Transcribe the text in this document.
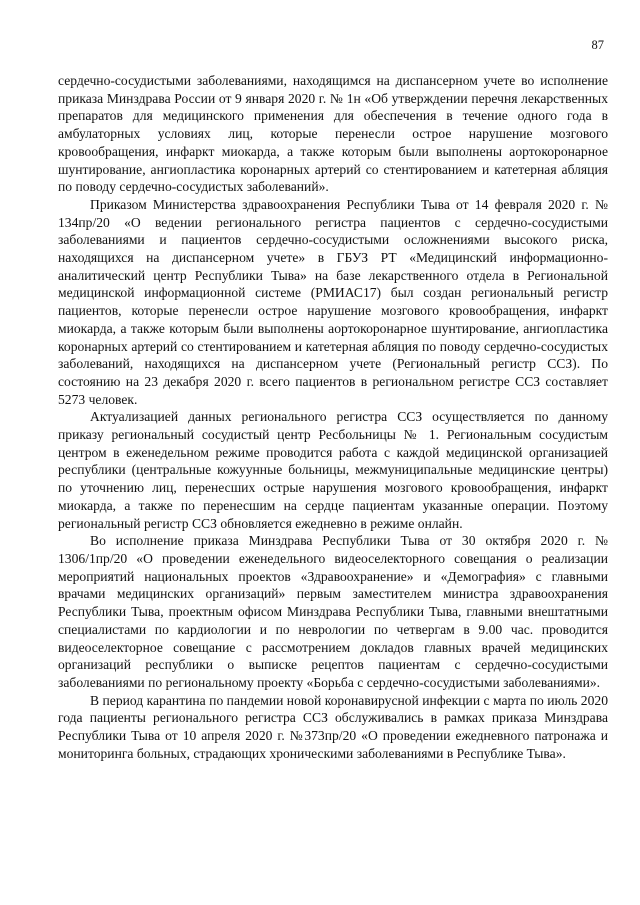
87

сердечно-сосудистыми заболеваниями, находящимся на диспансерном учете во исполнение приказа Минздрава России от 9 января 2020 г. № 1н «Об утверждении перечня лекарственных препаратов для медицинского применения для обеспечения в течение одного года в амбулаторных условиях лиц, которые перенесли острое нарушение мозгового кровообращения, инфаркт миокарда, а также которым были выполнены аортокоронарное шунтирование, ангиопластика коронарных артерий со стентированием и катетерная абляция по поводу сердечно-сосудистых заболеваний».

Приказом Министерства здравоохранения Республики Тыва от 14 февраля 2020 г. № 134пр/20 «О ведении регионального регистра пациентов с сердечно-сосудистыми заболеваниями и пациентов сердечно-сосудистыми осложнениями высокого риска, находящихся на диспансерном учете» в ГБУЗ РТ «Медицинский информационно-аналитический центр Республики Тыва» на базе лекарственного отдела в Региональной медицинской информационной системе (РМИАС17) был создан региональный регистр пациентов, которые перенесли острое нарушение мозгового кровообращения, инфаркт миокарда, а также которым были выполнены аортокоронарное шунтирование, ангиопластика коронарных артерий со стентированием и катетерная абляция по поводу сердечно-сосудистых заболеваний, находящихся на диспансерном учете (Региональный регистр ССЗ). По состоянию на 23 декабря 2020 г. всего пациентов в региональном регистре ССЗ составляет 5273 человек.

Актуализацией данных регионального регистра ССЗ осуществляется по данному приказу региональный сосудистый центр Ресбольницы № 1. Региональным сосудистым центром в еженедельном режиме проводится работа с каждой медицинской организацией республики (центральные кожуунные больницы, межмуниципальные медицинские центры) по уточнению лиц, перенесших острые нарушения мозгового кровообращения, инфаркт миокарда, а также по перенесшим на сердце пациентам указанные операции. Поэтому региональный регистр ССЗ обновляется ежедневно в режиме онлайн.

Во исполнение приказа Минздрава Республики Тыва от 30 октября 2020 г. № 1306/1пр/20 «О проведении еженедельного видеоселекторного совещания о реализации мероприятий национальных проектов «Здравоохранение» и «Демография» с главными врачами медицинских организаций» первым заместителем министра здравоохранения Республики Тыва, проектным офисом Минздрава Республики Тыва, главными внештатными специалистами по кардиологии и по неврологии по четвергам в 9.00 час. проводится видеоселекторное совещание с рассмотрением доклaдов главных врачей медицинских организаций республики о выписке рецептов пациентам с сердечно-сосудистыми заболеваниями по региональному проекту «Борьба с сердечно-сосудистыми заболеваниями».

В период карантина по пандемии новой коронавирусной инфекции с марта по июль 2020 года пациенты регионального регистра ССЗ обслуживались в рамках приказа Минздрава Республики Тыва от 10 апреля 2020 г. №373пр/20 «О проведении ежедневного патронажа и мониторинга больных, страдающих хроническими заболеваниями в Республике Тыва».
